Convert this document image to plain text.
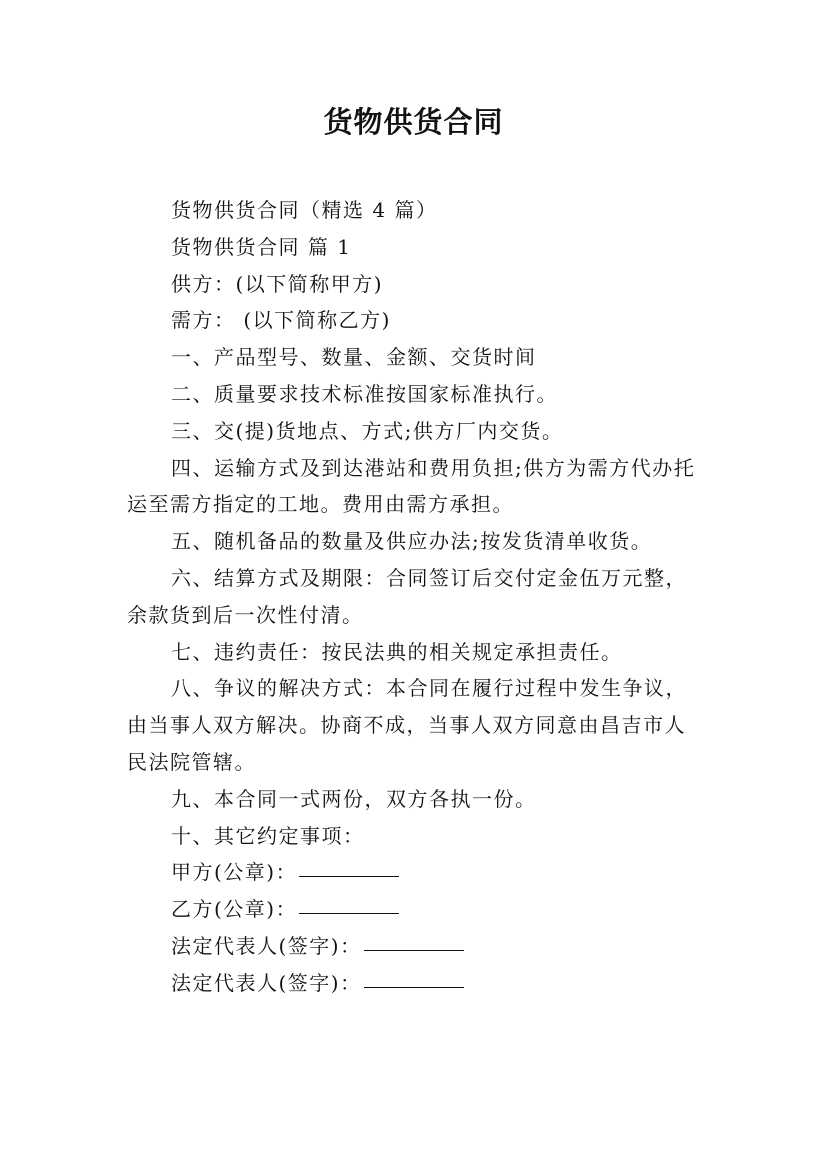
货物供货合同

货物供货合同（精选 4 篇）

货物供货合同 篇 1

供方：(以下简称甲方)

需方： (以下简称乙方)

一、产品型号、数量、金额、交货时间

二、质量要求技术标准按国家标准执行。

三、交(提)货地点、方式;供方厂内交货。

四、运输方式及到达港站和费用负担;供方为需方代办托运至需方指定的工地。费用由需方承担。

五、随机备品的数量及供应办法;按发货清单收货。

六、结算方式及期限：合同签订后交付定金伍万元整，余款货到后一次性付清。

七、违约责任：按民法典的相关规定承担责任。

八、争议的解决方式：本合同在履行过程中发生争议，由当事人双方解决。协商不成，当事人双方同意由昌吉市人民法院管辖。

九、本合同一式两份，双方各执一份。

十、其它约定事项：

甲方(公章)：
乙方(公章)：
法定代表人(签字)：
法定代表人(签字)：
